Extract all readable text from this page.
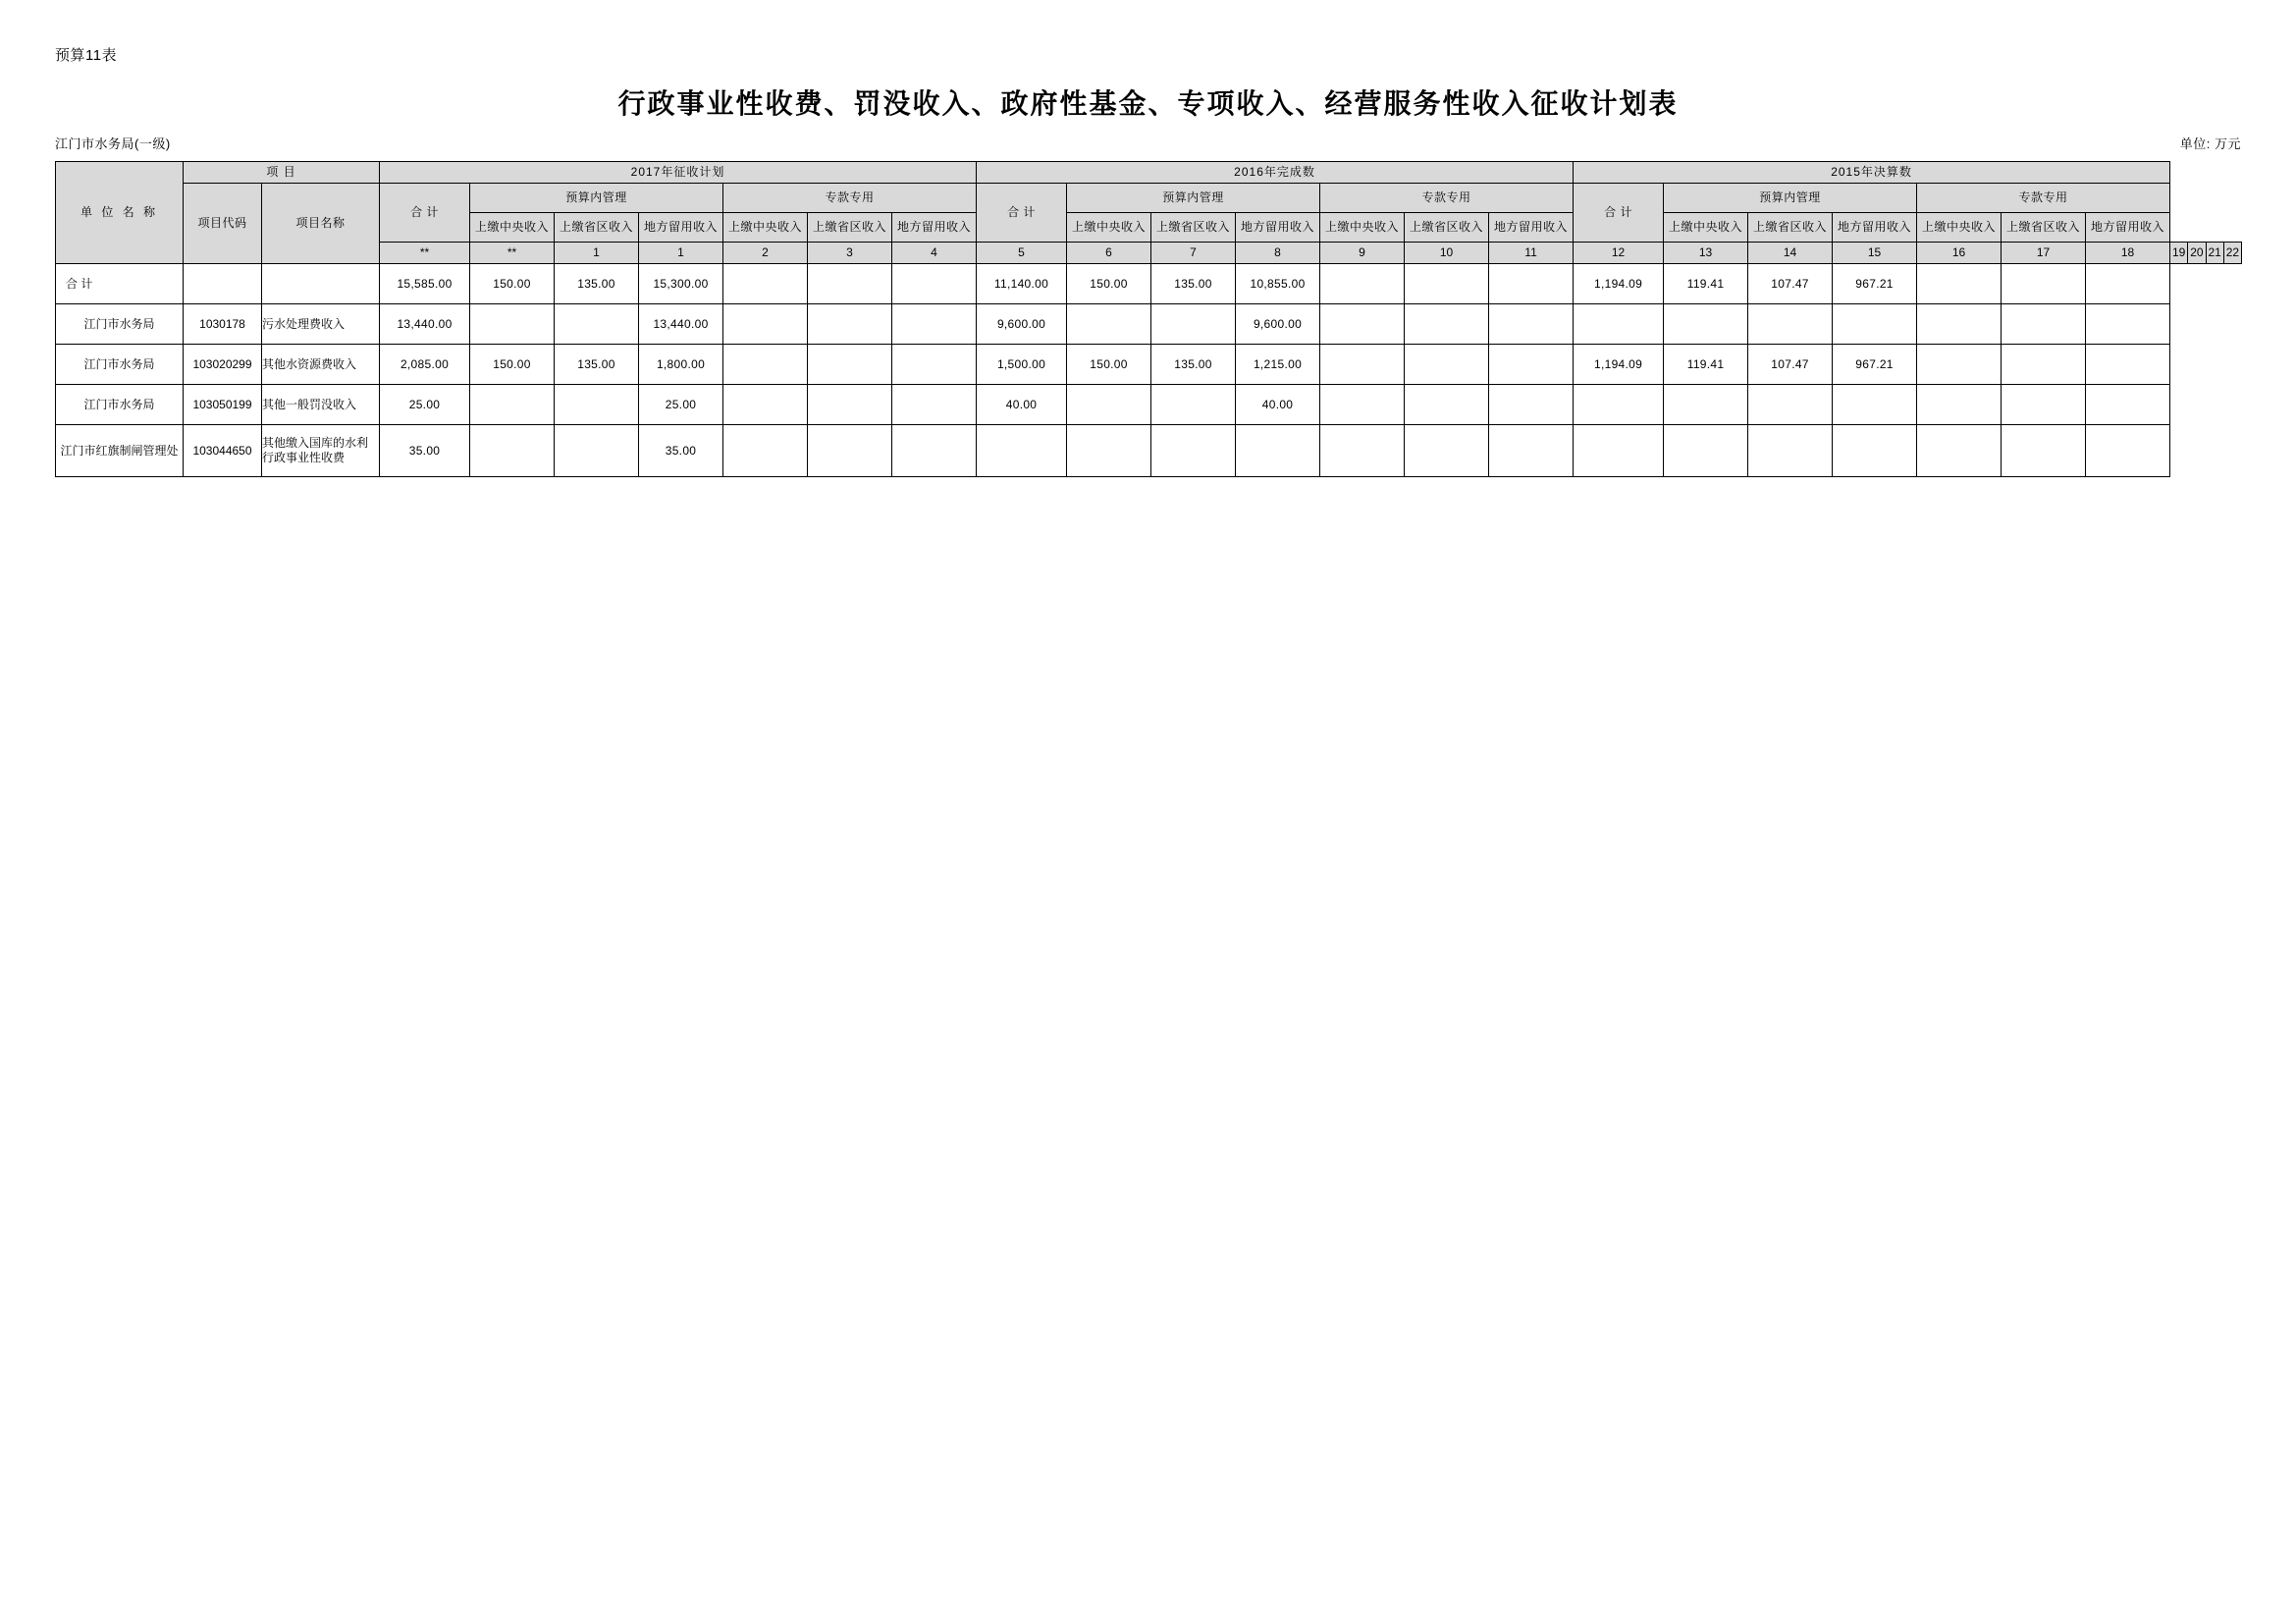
预算11表
行政事业性收费、罚没收入、政府性基金、专项收入、经营服务性收入征收计划表
江门市水务局(一级)	单位: 万元
单 位 名 称	项 目		2017年征收计划							2016年完成数							2015年决算数										
	项目代码	项目名称	合 计	预算内管理			专款专用			合 计	预算内管理			专款专用			合 计	预算内管理			专款专用						
				上缴中央收入	上缴省区收入	地方留用收入	上缴中央收入	上缴省区收入	地方留用收入		上缴中央收入	上缴省区收入	地方留用收入	上缴中央收入	上缴省区收入	地方留用收入		上缴中央收入	上缴省区收入	地方留用收入	上缴中央收入	上缴省区收入	地方留用收入				
			**	**	1	1	2	3	4	5	6	7	8	9	10	11	12	13	14	15	16	17	18	19	20	21	22
合 计			15,585.00	150.00	135.00	15,300.00				11,140.00	150.00	135.00	10,855.00				1,194.09	119.41	107.47	967.21							
江门市水务局	1030178	污水处理费收入	13,440.00			13,440.00				9,600.00			9,600.00														
江门市水务局	103020299	其他水资源费收入	2,085.00	150.00	135.00	1,800.00				1,500.00	150.00	135.00	1,215.00				1,194.09	119.41	107.47	967.21							
江门市水务局	103050199	其他一般罚没收入	25.00			25.00				40.00			40.00														
江门市红旗制闸管理处	103044650	其他缴入国库的水利行政事业性收费	35.00			35.00																					
